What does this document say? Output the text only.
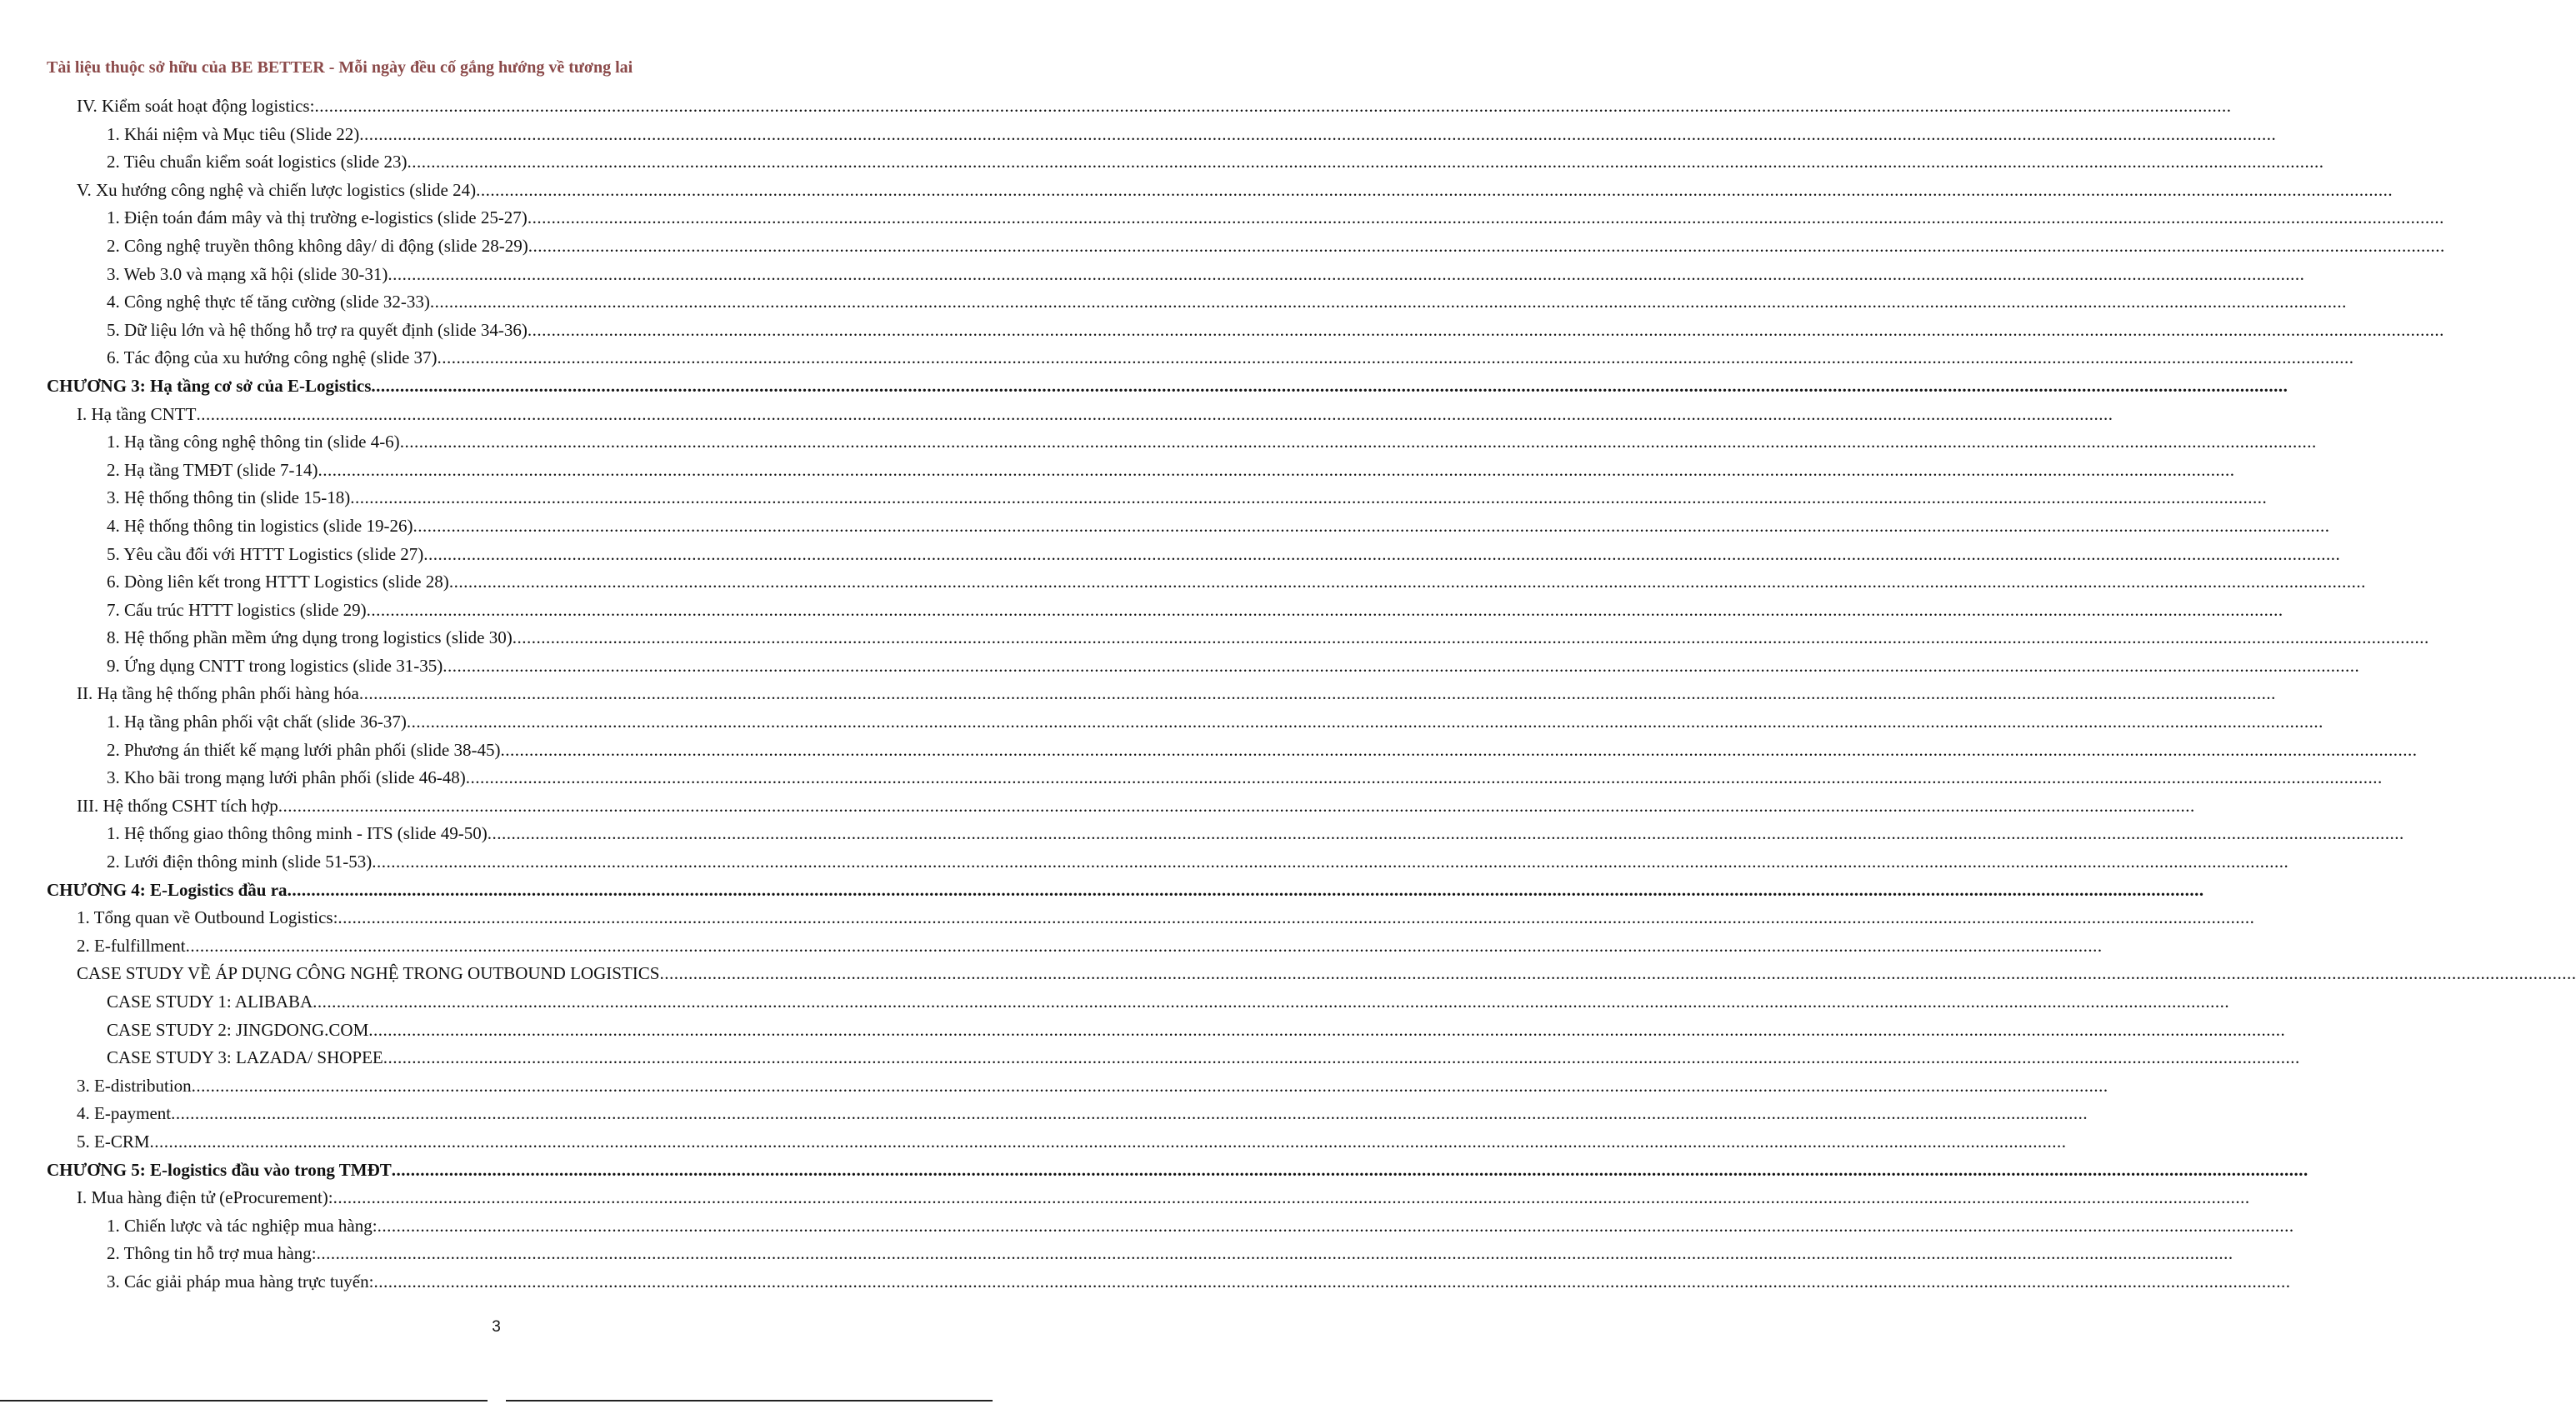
Tài liệu thuộc sở hữu của BE BETTER - Mỗi ngày đều cố gắng hướng về tương lai
IV. Kiểm soát hoạt động logistics:................................................................................................................................................................................................................................................................................................................................................................................................................
1. Khái niệm và Mục tiêu (Slide 22)................................................................................................................................................................................................................................................................................................................................................................................................................
2. Tiêu chuẩn kiểm soát logistics (slide 23)................................................................................................................................................................................................................................................................................................................................................................................................................
V. Xu hướng công nghệ và chiến lược logistics (slide 24)................................................................................................................................................................................................................................................................................................................................................................................................................
1. Điện toán đám mây và thị trường e-logistics (slide 25-27)................................................................................................................................................................................................................................................................................................................................................................................................................
2. Công nghệ truyền thông không dây/ di động (slide 28-29)................................................................................................................................................................................................................................................................................................................................................................................................................
3. Web 3.0 và mạng xã hội (slide 30-31)................................................................................................................................................................................................................................................................................................................................................................................................................
4. Công nghệ thực tế tăng cường (slide 32-33)................................................................................................................................................................................................................................................................................................................................................................................................................
5. Dữ liệu lớn và hệ thống hỗ trợ ra quyết định (slide 34-36)................................................................................................................................................................................................................................................................................................................................................................................................................
6. Tác động của xu hướng công nghệ (slide 37)................................................................................................................................................................................................................................................................................................................................................................................................................
CHƯƠNG 3: Hạ tầng cơ sở của E-Logistics................................................................................................................................................................................................................................................................................................................................................................................................................
I. Hạ tầng CNTT................................................................................................................................................................................................................................................................................................................................................................................................................
1. Hạ tầng công nghệ thông tin (slide 4-6)................................................................................................................................................................................................................................................................................................................................................................................................................
2. Hạ tầng TMĐT (slide 7-14)................................................................................................................................................................................................................................................................................................................................................................................................................
3. Hệ thống thông tin (slide 15-18)................................................................................................................................................................................................................................................................................................................................................................................................................
4. Hệ thống thông tin logistics (slide 19-26)................................................................................................................................................................................................................................................................................................................................................................................................................
5. Yêu cầu đối với HTTT Logistics (slide 27)................................................................................................................................................................................................................................................................................................................................................................................................................
6. Dòng liên kết trong HTTT Logistics (slide 28)................................................................................................................................................................................................................................................................................................................................................................................................................
7. Cấu trúc HTTT logistics (slide 29)................................................................................................................................................................................................................................................................................................................................................................................................................
8. Hệ thống phần mềm ứng dụng trong logistics (slide 30)................................................................................................................................................................................................................................................................................................................................................................................................................
9. Ứng dụng CNTT trong logistics (slide 31-35)................................................................................................................................................................................................................................................................................................................................................................................................................
II. Hạ tầng hệ thống phân phối hàng hóa................................................................................................................................................................................................................................................................................................................................................................................................................
1. Hạ tầng phân phối vật chất (slide 36-37)................................................................................................................................................................................................................................................................................................................................................................................................................
2. Phương án thiết kế mạng lưới phân phối (slide 38-45)................................................................................................................................................................................................................................................................................................................................................................................................................
3. Kho bãi trong mạng lưới phân phối (slide 46-48)................................................................................................................................................................................................................................................................................................................................................................................................................
III. Hệ thống CSHT tích hợp................................................................................................................................................................................................................................................................................................................................................................................................................
1. Hệ thống giao thông thông minh - ITS (slide 49-50)................................................................................................................................................................................................................................................................................................................................................................................................................
2. Lưới điện thông minh (slide 51-53)................................................................................................................................................................................................................................................................................................................................................................................................................
CHƯƠNG 4: E-Logistics đầu ra................................................................................................................................................................................................................................................................................................................................................................................................................
1. Tổng quan về Outbound Logistics:................................................................................................................................................................................................................................................................................................................................................................................................................
2. E-fulfillment................................................................................................................................................................................................................................................................................................................................................................................................................
CASE STUDY VỀ ÁP DỤNG CÔNG NGHỆ TRONG OUTBOUND LOGISTICS................................................................................................................................................................................................................................................................................................................................................................................................................
CASE STUDY 1: ALIBABA................................................................................................................................................................................................................................................................................................................................................................................................................
CASE STUDY 2: JINGDONG.COM................................................................................................................................................................................................................................................................................................................................................................................................................
CASE STUDY 3: LAZADA/ SHOPEE................................................................................................................................................................................................................................................................................................................................................................................................................
3. E-distribution................................................................................................................................................................................................................................................................................................................................................................................................................
4. E-payment................................................................................................................................................................................................................................................................................................................................................................................................................
5. E-CRM................................................................................................................................................................................................................................................................................................................................................................................................................
CHƯƠNG 5: E-logistics đầu vào trong TMĐT................................................................................................................................................................................................................................................................................................................................................................................................................
I. Mua hàng điện tử (eProcurement):................................................................................................................................................................................................................................................................................................................................................................................................................
1. Chiến lược và tác nghiệp mua hàng:................................................................................................................................................................................................................................................................................................................................................................................................................
2. Thông tin hỗ trợ mua hàng:................................................................................................................................................................................................................................................................................................................................................................................................................
3. Các giải pháp mua hàng trực tuyến:................................................................................................................................................................................................................................................................................................................................................................................................................
3
